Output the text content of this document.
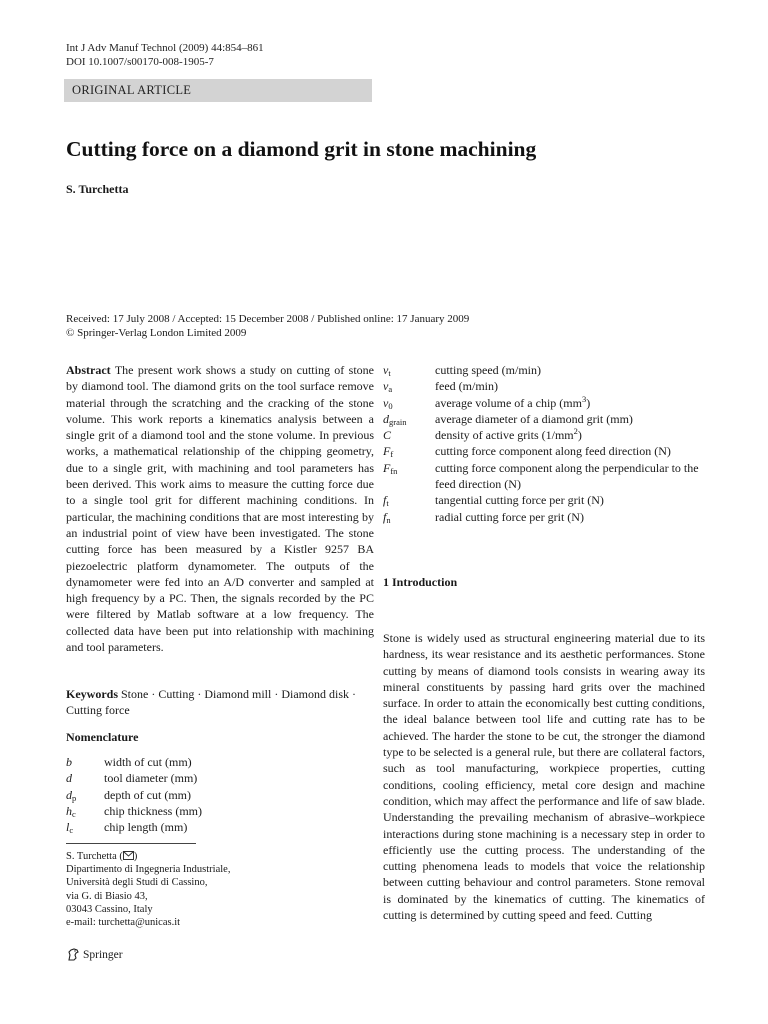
Int J Adv Manuf Technol (2009) 44:854–861
DOI 10.1007/s00170-008-1905-7
ORIGINAL ARTICLE
Cutting force on a diamond grit in stone machining
S. Turchetta
Received: 17 July 2008 / Accepted: 15 December 2008 / Published online: 17 January 2009
© Springer-Verlag London Limited 2009
Abstract The present work shows a study on cutting of stone by diamond tool. The diamond grits on the tool surface remove material through the scratching and the cracking of the stone volume. This work reports a kinematics analysis between a single grit of a diamond tool and the stone volume. In previous works, a mathematical relationship of the chipping geometry, due to a single grit, with machining and tool parameters has been derived. This work aims to measure the cutting force due to a single tool grit for different machining conditions. In particular, the machining conditions that are most interesting by an industrial point of view have been investigated. The stone cutting force has been measured by a Kistler 9257 BA piezoelectric platform dynamometer. The outputs of the dynamometer were fed into an A/D converter and sampled at high frequency by a PC. Then, the signals recorded by the PC were filtered by Matlab software at a low frequency. The collected data have been put into relationship with machining and tool parameters.
Keywords Stone · Cutting · Diamond mill · Diamond disk · Cutting force
Nomenclature
b	width of cut (mm)
d	tool diameter (mm)
$d_p$	depth of cut (mm)
$h_c$	chip thickness (mm)
$l_c$	chip length (mm)
$v_t$	cutting speed (m/min)
$v_a$	feed (m/min)
$v_0$	average volume of a chip $(mm^3)$
$d_{grain}$	average diameter of a diamond grit (mm)
C	density of active grits $(1/mm^2)$
$F_f$	cutting force component along feed direction (N)
$F_{fn}$	cutting force component along the perpendicular to the feed direction (N)
$f_t$	tangential cutting force per grit (N)
$f_n$	radial cutting force per grit (N)
1 Introduction
Stone is widely used as structural engineering material due to its hardness, its wear resistance and its aesthetic performances. Stone cutting by means of diamond tools consists in wearing away its mineral constituents by passing hard grits over the machined surface. In order to attain the economically best cutting conditions, the ideal balance between tool life and cutting rate has to be achieved. The harder the stone to be cut, the stronger the diamond type to be selected is a general rule, but there are collateral factors, such as tool manufacturing, workpiece properties, cutting conditions, cooling efficiency, metal core design and machine condition, which may affect the performance and life of saw blade. Understanding the prevailing mechanism of abrasive–workpiece interactions during stone machining is a necessary step in order to efficiently use the cutting process. The understanding of the cutting phenomena leads to models that voice the relationship between cutting behaviour and control parameters. Stone removal is dominated by the kinematics of cutting. The kinematics of cutting is determined by cutting speed and feed. Cutting
S. Turchetta ( )
Dipartimento di Ingegneria Industriale,
Università degli Studi di Cassino,
via G. di Biasio 43,
03043 Cassino, Italy
e-mail: turchetta@unicas.it
Springer
